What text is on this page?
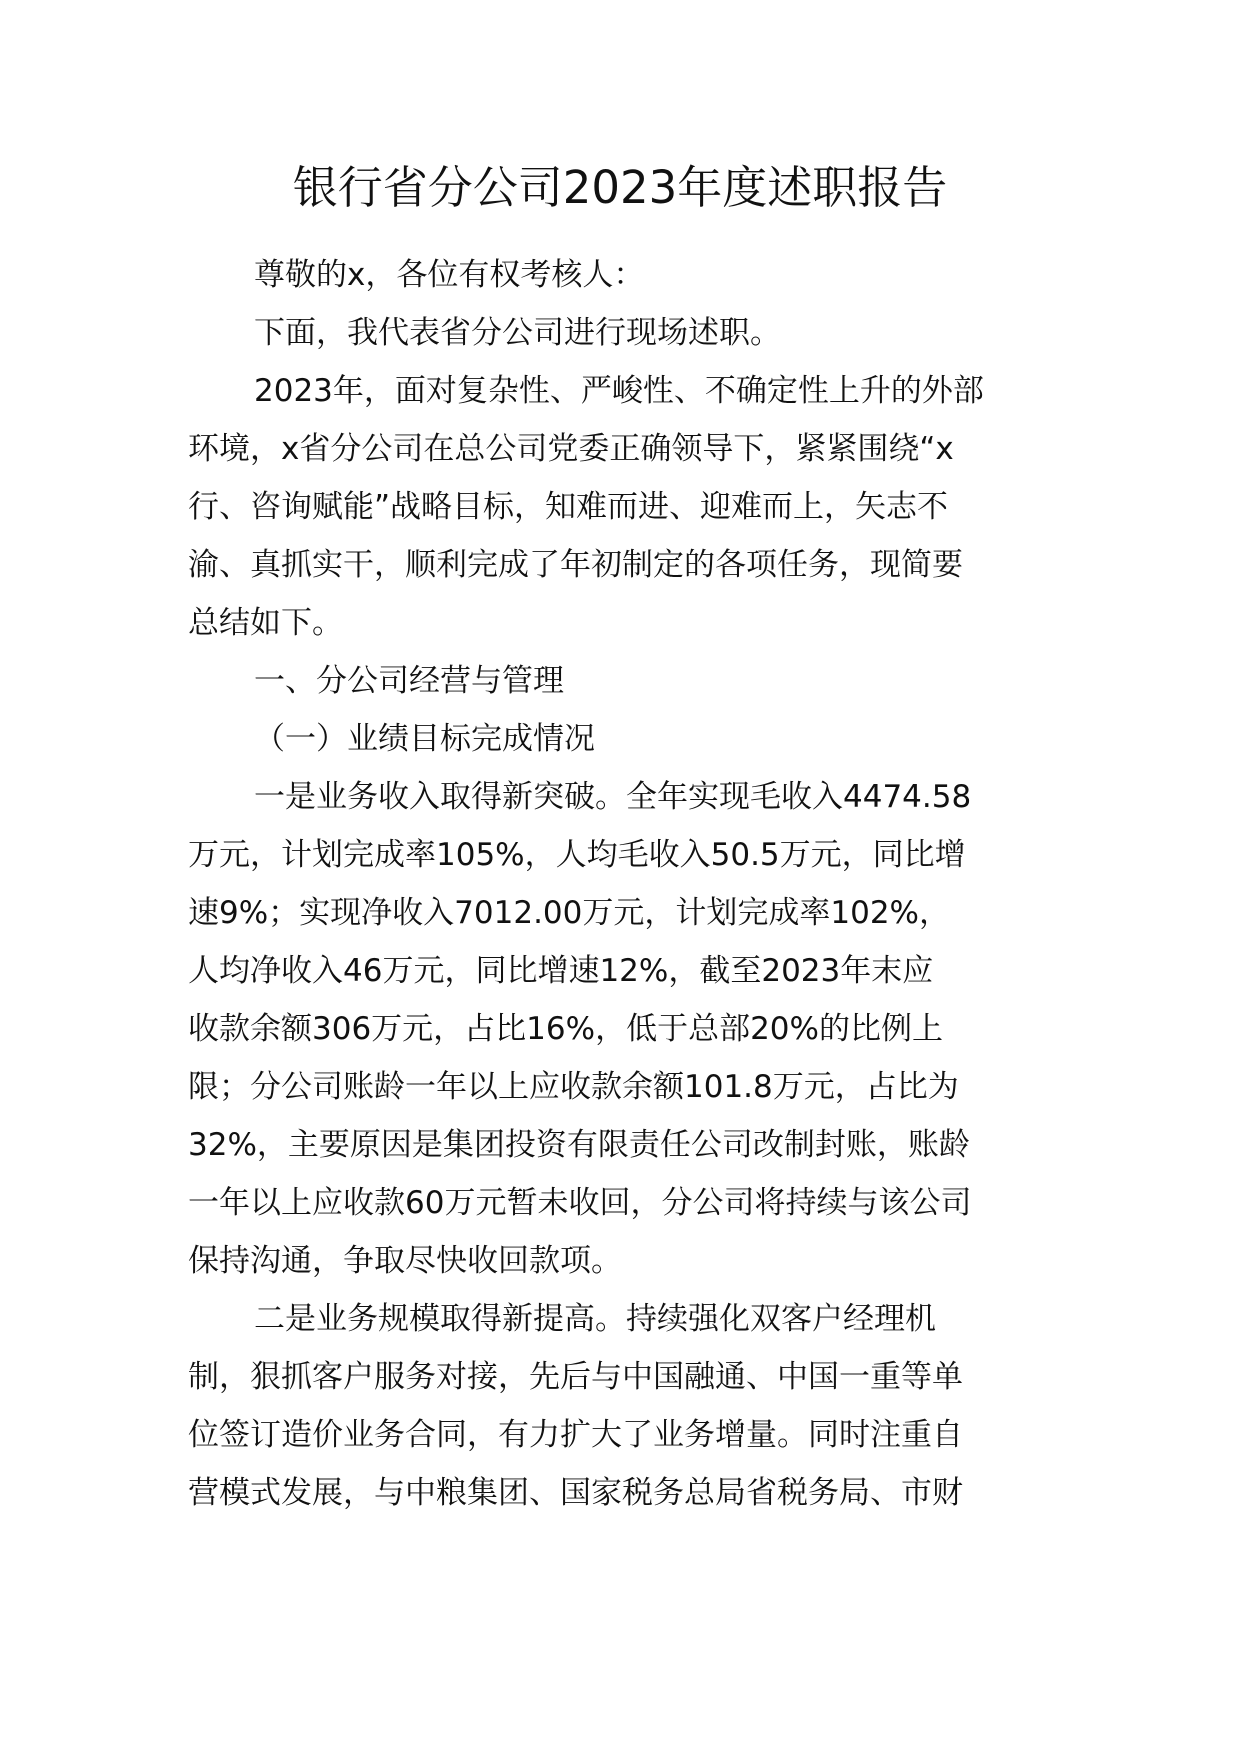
银行省分公司2023年度述职报告
尊敬的x，各位有权考核人：
下面，我代表省分公司进行现场述职。
2023年，面对复杂性、严峻性、不确定性上升的外部
环境，x省分公司在总公司党委正确领导下，紧紧围绕“x
行、咨询赋能”战略目标，知难而进、迎难而上，矢志不
渝、真抓实干，顺利完成了年初制定的各项任务，现简要
总结如下。
一、分公司经营与管理
（一）业绩目标完成情况
一是业务收入取得新突破。全年实现毛收入4474.58
万元，计划完成率105%，人均毛收入50.5万元，同比增
速9%；实现净收入7012.00万元，计划完成率102%，
人均净收入46万元，同比增速12%，截至2023年末应
收款余额306万元，占比16%，低于总部20%的比例上
限；分公司账龄一年以上应收款余额101.8万元，占比为
32%，主要原因是集团投资有限责任公司改制封账，账龄
一年以上应收款60万元暂未收回，分公司将持续与该公司
保持沟通，争取尽快收回款项。
二是业务规模取得新提高。持续强化双客户经理机
制，狠抓客户服务对接，先后与中国融通、中国一重等单
位签订造价业务合同，有力扩大了业务增量。同时注重自
营模式发展，与中粮集团、国家税务总局省税务局、市财
